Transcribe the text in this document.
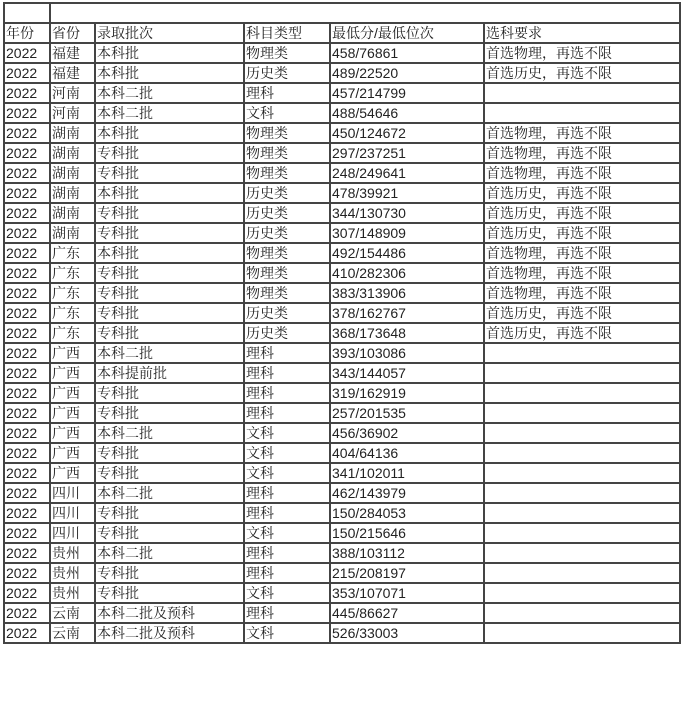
年份	省份	录取批次	科目类型	最低分/最低位次	选科要求
2022	福建	本科批	物理类	458/76861	首选物理，再选不限
2022	福建	本科批	历史类	489/22520	首选历史，再选不限
2022	河南	本科二批	理科	457/214799	
2022	河南	本科二批	文科	488/54646	
2022	湖南	本科批	物理类	450/124672	首选物理，再选不限
2022	湖南	专科批	物理类	297/237251	首选物理，再选不限
2022	湖南	专科批	物理类	248/249641	首选物理，再选不限
2022	湖南	本科批	历史类	478/39921	首选历史，再选不限
2022	湖南	专科批	历史类	344/130730	首选历史，再选不限
2022	湖南	专科批	历史类	307/148909	首选历史，再选不限
2022	广东	本科批	物理类	492/154486	首选物理，再选不限
2022	广东	专科批	物理类	410/282306	首选物理，再选不限
2022	广东	专科批	物理类	383/313906	首选物理，再选不限
2022	广东	专科批	历史类	378/162767	首选历史，再选不限
2022	广东	专科批	历史类	368/173648	首选历史，再选不限
2022	广西	本科二批	理科	393/103086	
2022	广西	本科提前批	理科	343/144057	
2022	广西	专科批	理科	319/162919	
2022	广西	专科批	理科	257/201535	
2022	广西	本科二批	文科	456/36902	
2022	广西	专科批	文科	404/64136	
2022	广西	专科批	文科	341/102011	
2022	四川	本科二批	理科	462/143979	
2022	四川	专科批	理科	150/284053	
2022	四川	专科批	文科	150/215646	
2022	贵州	本科二批	理科	388/103112	
2022	贵州	专科批	理科	215/208197	
2022	贵州	专科批	文科	353/107071	
2022	云南	本科二批及预科	理科	445/86627	
2022	云南	本科二批及预科	文科	526/33003	
